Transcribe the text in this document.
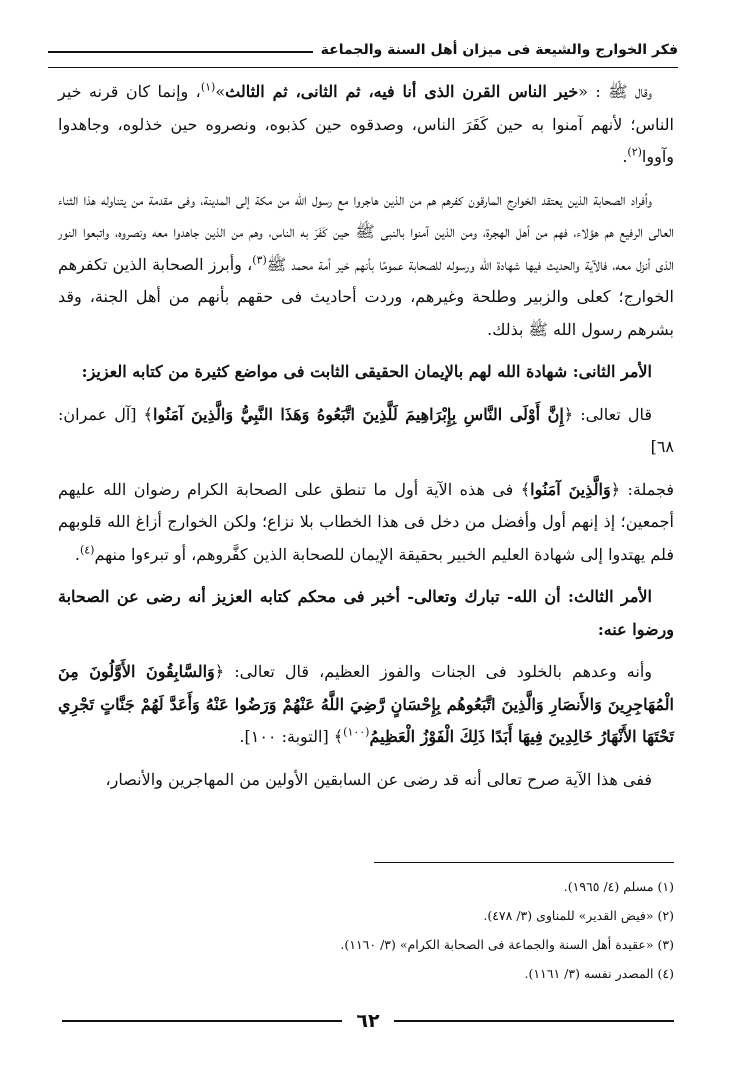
فكر الخوارج والشيعة فى ميزان أهل السنة والجماعة

وقال ﷺ : «خير الناس القرن الذى أنا فيه، ثم الثانى، ثم الثالث»$^{(١)}$، وإنما كان قرنه خير الناس؛ لأنهم آمنوا به حين كَفَرَ الناس، وصدقوه حين كذبوه، ونصروه حين خذلوه، وجاهدوا وآووا$^{(٢)}$.

وأفراد الصحابة الذين يعتقد الخوارج المارقون كفرهم هم من الذين هاجروا مع رسول الله من مكة إلى المدينة، وفى مقدمة من يتناوله هذا الثناء العالى الرفيع هم هؤلاء، فهم من أهل الهجرة، ومن الذين آمنوا بالنبى ﷺ حين كَفَرَ به الناس، وهم من الذين جاهدوا معه ونصروه، واتبعوا النور الذى أنزل معه، فالآية والحديث فيها شهادة الله ورسوله للصحابة عمومًا بأنهم خير أمة محمد ﷺ$^{(٣)}$، وأبرز الصحابة الذين تكفرهم الخوارج؛ كعلى والزبير وطلحة وغيرهم، وردت أحاديث فى حقهم بأنهم من أهل الجنة، وقد بشرهم رسول الله ﷺ بذلك.

الأمر الثانى: شهادة الله لهم بالإيمان الحقيقى الثابت فى مواضع كثيرة من كتابه العزيز:

قال تعالى: ﴿إِنَّ أَوْلَى النَّاسِ بِإِبْرَاهِيمَ لَلَّذِينَ اتَّبَعُوهُ وَهَذَا النَّبِيُّ وَالَّذِينَ آمَنُوا﴾ [آل عمران: ٦٨]

فجملة: ﴿وَالَّذِينَ آمَنُوا﴾ فى هذه الآية أول ما تنطق على الصحابة الكرام رضوان الله عليهم أجمعين؛ إذ إنهم أول وأفضل من دخل فى هذا الخطاب بلا نزاع؛ ولكن الخوارج أزاغ الله قلوبهم فلم يهتدوا إلى شهادة العليم الخبير بحقيقة الإيمان للصحابة الذين كفَّروهم، أو تبرءوا منهم$^{(٤)}$.

الأمر الثالث: أن الله- تبارك وتعالى- أخبر فى محكم كتابه العزيز أنه رضى عن الصحابة ورضوا عنه:

وأنه وعدهم بالخلود فى الجنات والفوز العظيم، قال تعالى: ﴿وَالسَّابِقُونَ الأَوَّلُونَ مِنَ الْمُهَاجِرِينَ وَالأَنصَارِ وَالَّذِينَ اتَّبَعُوهُم بِإِحْسَانٍ رَّضِيَ اللَّهُ عَنْهُمْ وَرَضُوا عَنْهُ وَأَعَدَّ لَهُمْ جَنَّاتٍ تَجْرِي تَحْتَهَا الأَنْهَارُ خَالِدِينَ فِيهَا أَبَدًا ذَلِكَ الْفَوْزُ الْعَظِيمُ$^{(١٠٠)}$﴾ [التوبة: ١٠٠].

ففى هذا الآية صرح تعالى أنه قد رضى عن السابقين الأولين من المهاجرين والأنصار،

(١) مسلم (٤/ ١٩٦٥).
(٢) «فيض القدير» للمناوى (٣/ ٤٧٨).
(٣) «عقيدة أهل السنة والجماعة فى الصحابة الكرام» (٣/ ١١٦٠).
(٤) المصدر نفسه (٣/ ١١٦١).
٦٢
